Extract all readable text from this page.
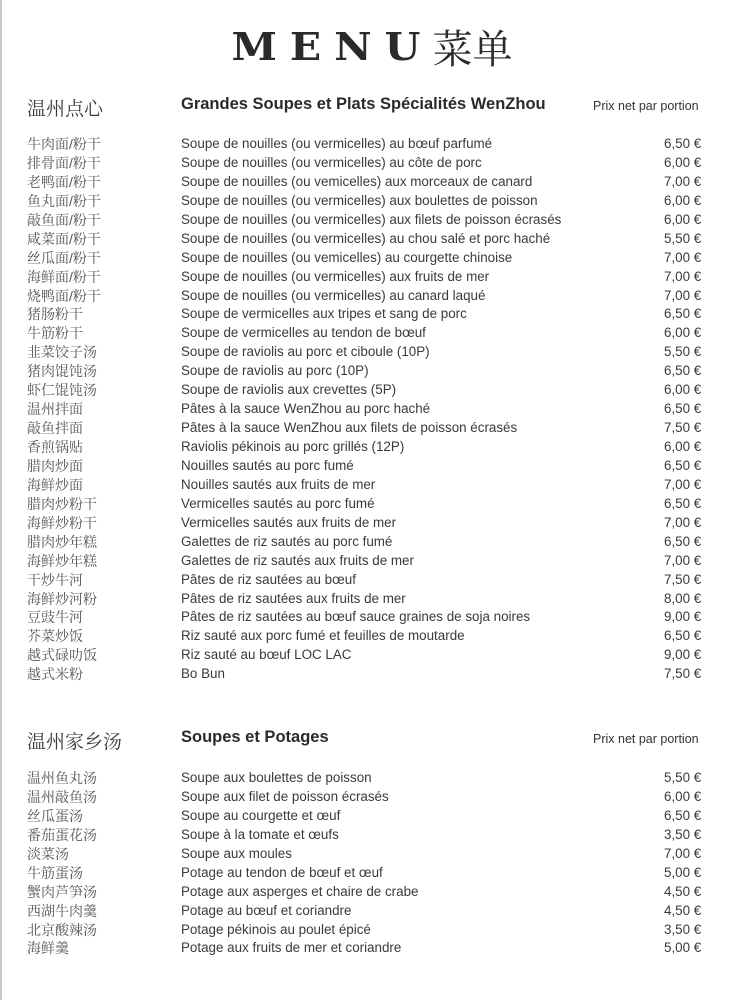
MENU 菜单
温州点心	Grandes Soupes et Plats Spécialités WenZhou	Prix net par portion
牛肉面/粉干	Soupe de nouilles (ou vermicelles) au bœuf parfumé	6,50 €
排骨面/粉干	Soupe de nouilles (ou vermicelles) au côte de porc	6,00 €
老鸭面/粉干	Soupe de nouilles (ou vemicelles) aux morceaux de canard	7,00 €
鱼丸面/粉干	Soupe de nouilles (ou vermicelles) aux boulettes de poisson	6,00 €
敲鱼面/粉干	Soupe de nouilles (ou vermicelles) aux filets de poisson écrasés	6,00 €
咸菜面/粉干	Soupe de nouilles (ou vermicelles) au chou salé et porc haché	5,50 €
丝瓜面/粉干	Soupe de nouilles (ou vemicelles) au courgette chinoise	7,00 €
海鲜面/粉干	Soupe de nouilles (ou vermicelles) aux fruits de mer	7,00 €
烧鸭面/粉干	Soupe de nouilles (ou vermicelles) au canard laqué	7,00 €
猪肠粉干	Soupe de vermicelles aux tripes et sang de porc	6,50 €
牛筋粉干	Soupe de vermicelles au tendon de bœuf	6,00 €
韭菜饺子汤	Soupe de raviolis au porc et ciboule (10P)	5,50 €
猪肉馄饨汤	Soupe de raviolis au porc (10P)	6,50 €
虾仁馄饨汤	Soupe de raviolis aux crevettes (5P)	6,00 €
温州拌面	Pâtes à la sauce WenZhou au porc haché	6,50 €
敲鱼拌面	Pâtes à la sauce WenZhou aux filets de poisson écrasés	7,50 €
香煎锅贴	Raviolis pékinois au porc grillés (12P)	6,00 €
腊肉炒面	Nouilles sautés au porc fumé	6,50 €
海鲜炒面	Nouilles sautés aux fruits de mer	7,00 €
腊肉炒粉干	Vermicelles sautés au porc fumé	6,50 €
海鲜炒粉干	Vermicelles sautés aux fruits de mer	7,00 €
腊肉炒年糕	Galettes de riz sautés au porc fumé	6,50 €
海鲜炒年糕	Galettes de riz sautés aux fruits de mer	7,00 €
干炒牛河	Pâtes de riz sautées au bœuf	7,50 €
海鲜炒河粉	Pâtes de riz sautées aux fruits de mer	8,00 €
豆豉牛河	Pâtes de riz sautées au bœuf sauce graines de soja noires	9,00 €
芥菜炒饭	Riz sauté aux porc fumé et feuilles de moutarde	6,50 €
越式碌叻饭	Riz sauté au bœuf LOC LAC	9,00 €
越式米粉	Bo Bun	7,50 €
温州家乡汤	Soupes et Potages	Prix net par portion
温州鱼丸汤	Soupe aux boulettes de poisson	5,50 €
温州敲鱼汤	Soupe aux filet de poisson écrasés	6,00 €
丝瓜蛋汤	Soupe au courgette et œuf	6,50 €
番茄蛋花汤	Soupe à la tomate et œufs	3,50 €
淡菜汤	Soupe aux moules	7,00 €
牛筋蛋汤	Potage au tendon de bœuf et œuf	5,00 €
蟹肉芦笋汤	Potage aux asperges et chaire de crabe	4,50 €
西湖牛肉羹	Potage au bœuf et coriandre	4,50 €
北京酸辣汤	Potage pékinois au poulet épicé	3,50 €
海鲜羹	Potage aux fruits de mer et coriandre	5,00 €
